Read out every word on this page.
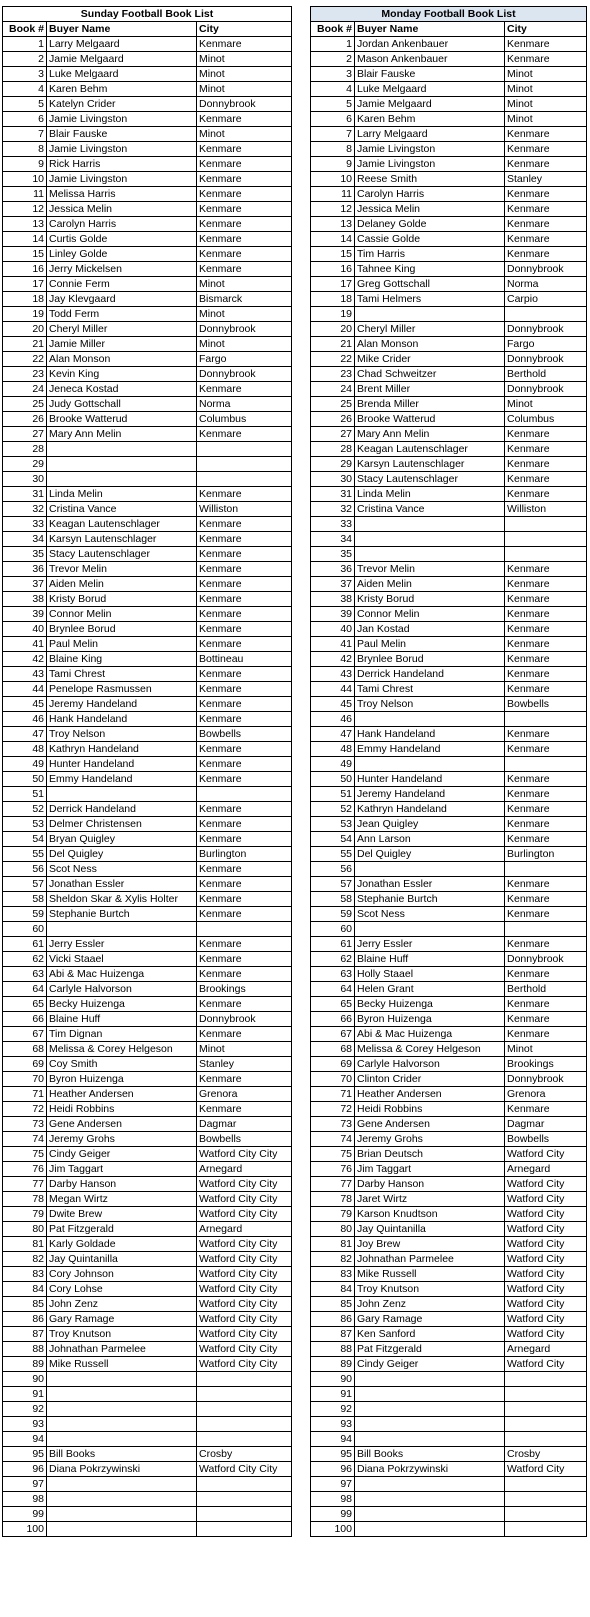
Sunday Football Book List		
Book #	Buyer Name	City
1	Larry Melgaard	Kenmare
2	Jamie Melgaard	Minot
3	Luke Melgaard	Minot
4	Karen Behm	Minot
5	Katelyn Crider	Donnybrook
6	Jamie Livingston	Kenmare
7	Blair Fauske	Minot
8	Jamie Livingston	Kenmare
9	Rick Harris	Kenmare
10	Jamie Livingston	Kenmare
11	Melissa Harris	Kenmare
12	Jessica Melin	Kenmare
13	Carolyn Harris	Kenmare
14	Curtis Golde	Kenmare
15	Linley Golde	Kenmare
16	Jerry Mickelsen	Kenmare
17	Connie Ferm	Minot
18	Jay Klevgaard	Bismarck
19	Todd Ferm	Minot
20	Cheryl Miller	Donnybrook
21	Jamie Miller	Minot
22	Alan Monson	Fargo
23	Kevin King	Donnybrook
24	Jeneca Kostad	Kenmare
25	Judy Gottschall	Norma
26	Brooke Watterud	Columbus
27	Mary Ann Melin	Kenmare
28		
29		
30		
31	Linda Melin	Kenmare
32	Cristina Vance	Williston
33	Keagan Lautenschlager	Kenmare
34	Karsyn Lautenschlager	Kenmare
35	Stacy Lautenschlager	Kenmare
36	Trevor Melin	Kenmare
37	Aiden Melin	Kenmare
38	Kristy Borud	Kenmare
39	Connor Melin	Kenmare
40	Brynlee Borud	Kenmare
41	Paul Melin	Kenmare
42	Blaine King	Bottineau
43	Tami Chrest	Kenmare
44	Penelope Rasmussen	Kenmare
45	Jeremy Handeland	Kenmare
46	Hank Handeland	Kenmare
47	Troy Nelson	Bowbells
48	Kathryn Handeland	Kenmare
49	Hunter Handeland	Kenmare
50	Emmy Handeland	Kenmare
51		
52	Derrick Handeland	Kenmare
53	Delmer Christensen	Kenmare
54	Bryan Quigley	Kenmare
55	Del Quigley	Burlington
56	Scot Ness	Kenmare
57	Jonathan Essler	Kenmare
58	Sheldon Skar & Xylis Holter	Kenmare
59	Stephanie Burtch	Kenmare
60		
61	Jerry Essler	Kenmare
62	Vicki Staael	Kenmare
63	Abi & Mac Huizenga	Kenmare
64	Carlyle Halvorson	Brookings
65	Becky Huizenga	Kenmare
66	Blaine Huff	Donnybrook
67	Tim Dignan	Kenmare
68	Melissa & Corey Helgeson	Minot
69	Coy Smith	Stanley
70	Byron Huizenga	Kenmare
71	Heather Andersen	Grenora
72	Heidi Robbins	Kenmare
73	Gene Andersen	Dagmar
74	Jeremy Grohs	Bowbells
75	Cindy Geiger	Watford City City
76	Jim Taggart	Arnegard
77	Darby Hanson	Watford City City
78	Megan Wirtz	Watford City City
79	Dwite Brew	Watford City City
80	Pat Fitzgerald	Arnegard
81	Karly Goldade	Watford City City
82	Jay Quintanilla	Watford City City
83	Cory Johnson	Watford City City
84	Cory Lohse	Watford City City
85	John Zenz	Watford City City
86	Gary Ramage	Watford City City
87	Troy Knutson	Watford City City
88	Johnathan Parmelee	Watford City City
89	Mike Russell	Watford City City
90		
91		
92		
93		
94		
95	Bill Books	Crosby
96	Diana Pokrzywinski	Watford City City
97		
98		
99		
100		
Monday Football Book List		
Book #	Buyer Name	City
1	Jordan Ankenbauer	Kenmare
2	Mason Ankenbauer	Kenmare
3	Blair Fauske	Minot
4	Luke Melgaard	Minot
5	Jamie Melgaard	Minot
6	Karen Behm	Minot
7	Larry Melgaard	Kenmare
8	Jamie Livingston	Kenmare
9	Jamie Livingston	Kenmare
10	Reese Smith	Stanley
11	Carolyn Harris	Kenmare
12	Jessica Melin	Kenmare
13	Delaney Golde	Kenmare
14	Cassie Golde	Kenmare
15	Tim Harris	Kenmare
16	Tahnee King	Donnybrook
17	Greg Gottschall	Norma
18	Tami Helmers	Carpio
19		
20	Cheryl Miller	Donnybrook
21	Alan Monson	Fargo
22	Mike Crider	Donnybrook
23	Chad Schweitzer	Berthold
24	Brent Miller	Donnybrook
25	Brenda Miller	Minot
26	Brooke Watterud	Columbus
27	Mary Ann Melin	Kenmare
28	Keagan Lautenschlager	Kenmare
29	Karsyn Lautenschlager	Kenmare
30	Stacy Lautenschlager	Kenmare
31	Linda Melin	Kenmare
32	Cristina Vance	Williston
33		
34		
35		
36	Trevor Melin	Kenmare
37	Aiden Melin	Kenmare
38	Kristy Borud	Kenmare
39	Connor Melin	Kenmare
40	Jan Kostad	Kenmare
41	Paul Melin	Kenmare
42	Brynlee Borud	Kenmare
43	Derrick Handeland	Kenmare
44	Tami Chrest	Kenmare
45	Troy Nelson	Bowbells
46		
47	Hank Handeland	Kenmare
48	Emmy Handeland	Kenmare
49		
50	Hunter Handeland	Kenmare
51	Jeremy Handeland	Kenmare
52	Kathryn Handeland	Kenmare
53	Jean Quigley	Kenmare
54	Ann Larson	Kenmare
55	Del Quigley	Burlington
56		
57	Jonathan Essler	Kenmare
58	Stephanie Burtch	Kenmare
59	Scot Ness	Kenmare
60		
61	Jerry Essler	Kenmare
62	Blaine Huff	Donnybrook
63	Holly Staael	Kenmare
64	Helen Grant	Berthold
65	Becky Huizenga	Kenmare
66	Byron Huizenga	Kenmare
67	Abi & Mac Huizenga	Kenmare
68	Melissa & Corey Helgeson	Minot
69	Carlyle Halvorson	Brookings
70	Clinton Crider	Donnybrook
71	Heather Andersen	Grenora
72	Heidi Robbins	Kenmare
73	Gene Andersen	Dagmar
74	Jeremy Grohs	Bowbells
75	Brian Deutsch	Watford City
76	Jim Taggart	Arnegard
77	Darby Hanson	Watford City
78	Jaret Wirtz	Watford City
79	Karson Knudtson	Watford City
80	Jay Quintanilla	Watford City
81	Joy Brew	Watford City
82	Johnathan Parmelee	Watford City
83	Mike Russell	Watford City
84	Troy Knutson	Watford City
85	John Zenz	Watford City
86	Gary Ramage	Watford City
87	Ken Sanford	Watford City
88	Pat Fitzgerald	Arnegard
89	Cindy Geiger	Watford City
90		
91		
92		
93		
94		
95	Bill Books	Crosby
96	Diana Pokrzywinski	Watford City
97		
98		
99		
100		
